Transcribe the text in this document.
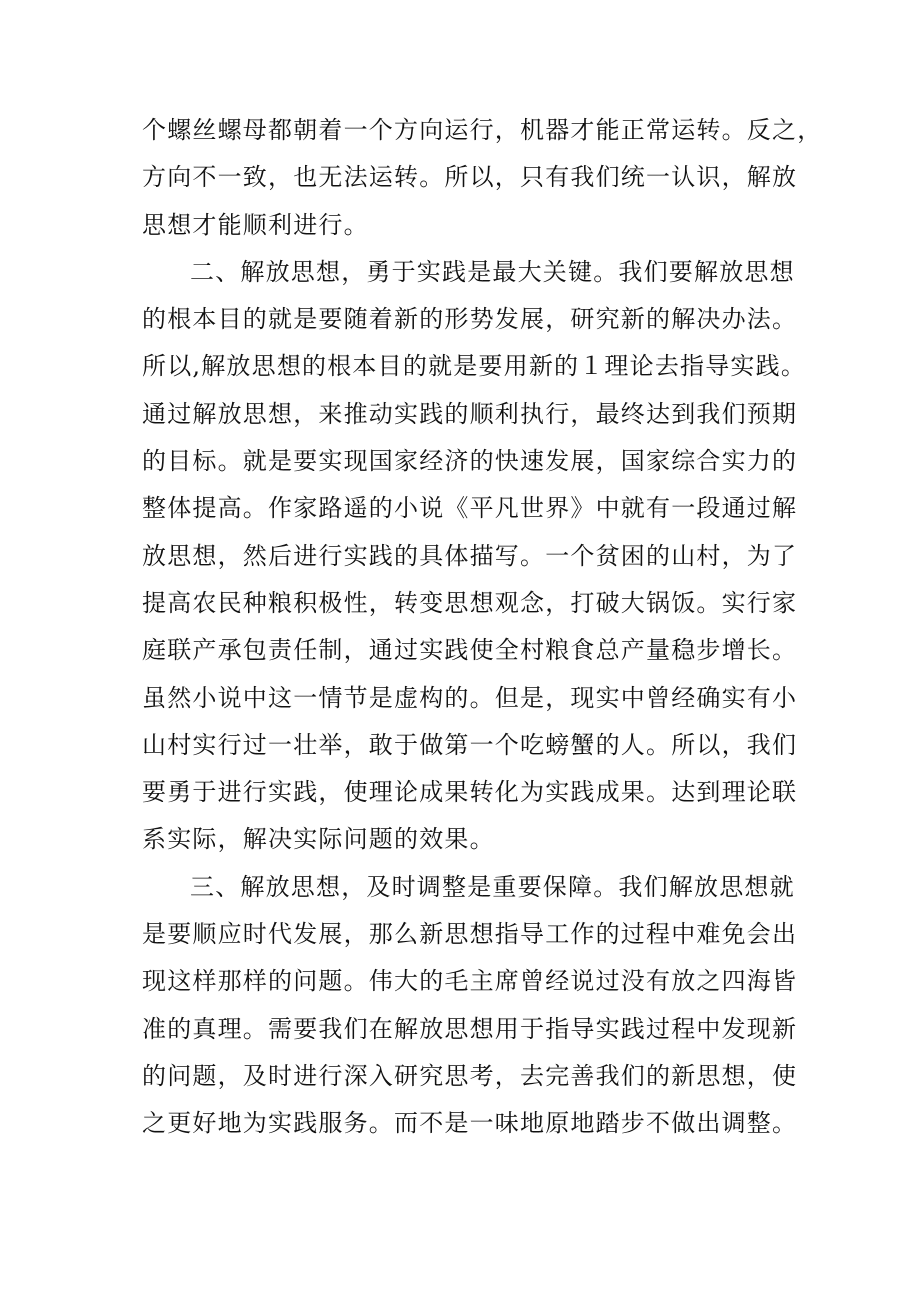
个螺丝螺母都朝着一个方向运行，机器才能正常运转。反之，
方向不一致，也无法运转。所以，只有我们统一认识，解放
思想才能顺利进行。
二、解放思想，勇于实践是最大关键。我们要解放思想
的根本目的就是要随着新的形势发展，研究新的解决办法。
所以,解放思想的根本目的就是要用新的１理论去指导实践。
通过解放思想，来推动实践的顺利执行，最终达到我们预期
的目标。就是要实现国家经济的快速发展，国家综合实力的
整体提高。作家路遥的小说《平凡世界》中就有一段通过解
放思想，然后进行实践的具体描写。一个贫困的山村，为了
提高农民种粮积极性，转变思想观念，打破大锅饭。实行家
庭联产承包责任制，通过实践使全村粮食总产量稳步增长。
虽然小说中这一情节是虚构的。但是，现实中曾经确实有小
山村实行过一壮举，敢于做第一个吃螃蟹的人。所以，我们
要勇于进行实践，使理论成果转化为实践成果。达到理论联
系实际，解决实际问题的效果。
三、解放思想，及时调整是重要保障。我们解放思想就
是要顺应时代发展，那么新思想指导工作的过程中难免会出
现这样那样的问题。伟大的毛主席曾经说过没有放之四海皆
准的真理。需要我们在解放思想用于指导实践过程中发现新
的问题，及时进行深入研究思考，去完善我们的新思想，使
之更好地为实践服务。而不是一味地原地踏步不做出调整。
